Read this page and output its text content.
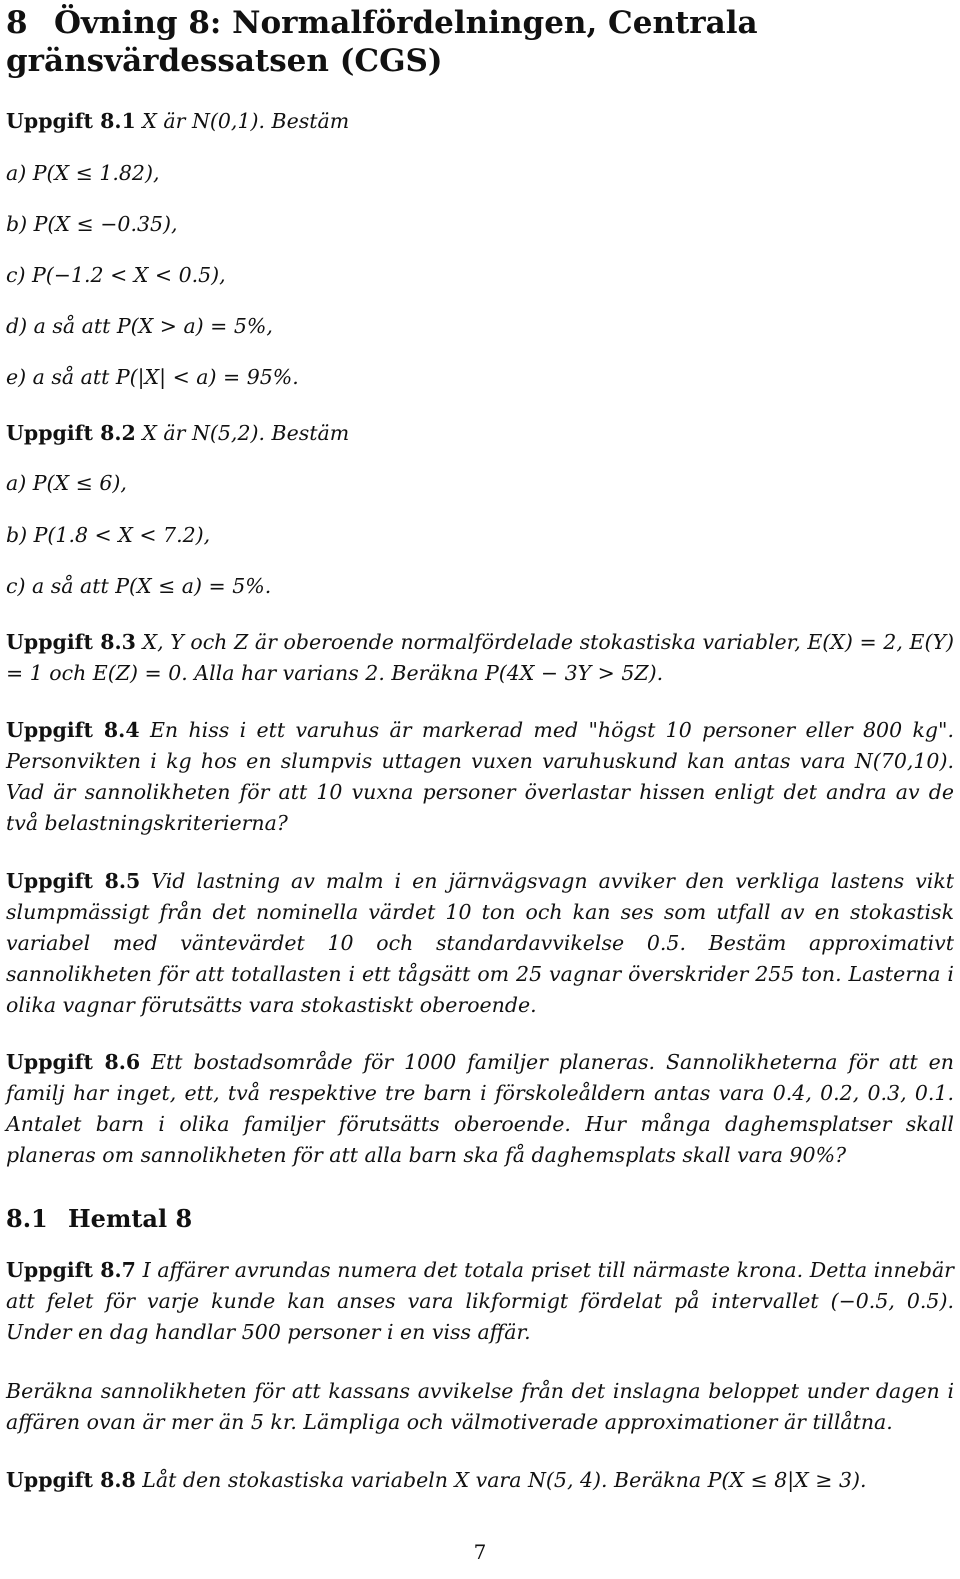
8 Övning 8: Normalfördelningen, Centrala gränsvärdessatsen (CGS)

Uppgift 8.1 X är N(0,1). Bestäm

a) P(X ≤ 1.82),

b) P(X ≤ −0.35),

c) P(−1.2 < X < 0.5),

d) a så att P(X > a) = 5%,

e) a så att P(|X| < a) = 95%.

Uppgift 8.2 X är N(5,2). Bestäm

a) P(X ≤ 6),

b) P(1.8 < X < 7.2),

c) a så att P(X ≤ a) = 5%.

Uppgift 8.3 X, Y och Z är oberoende normalfördelade stokastiska variabler, E(X) = 2, E(Y) = 1 och E(Z) = 0. Alla har varians 2. Beräkna P(4X − 3Y > 5Z).

Uppgift 8.4 En hiss i ett varuhus är markerad med "högst 10 personer eller 800 kg". Personvikten i kg hos en slumpvis uttagen vuxen varuhuskund kan antas vara N(70,10). Vad är sannolikheten för att 10 vuxna personer överlastar hissen enligt det andra av de två belastningskriterierna?

Uppgift 8.5 Vid lastning av malm i en järnvägsvagn avviker den verkliga lastens vikt slumpmässigt från det nominella värdet 10 ton och kan ses som utfall av en stokastisk variabel med väntevärdet 10 och standardavvikelse 0.5. Bestäm approximativt sannolikheten för att totallasten i ett tågsätt om 25 vagnar överskrider 255 ton. Lasterna i olika vagnar förutsätts vara stokastiskt oberoende.

Uppgift 8.6 Ett bostadsområde för 1000 familjer planeras. Sannolikheterna för att en familj har inget, ett, två respektive tre barn i förskoleåldern antas vara 0.4, 0.2, 0.3, 0.1. Antalet barn i olika familjer förutsätts oberoende. Hur många daghemsplatser skall planeras om sannolikheten för att alla barn ska få daghemsplats skall vara 90%?

8.1 Hemtal 8

Uppgift 8.7 I affärer avrundas numera det totala priset till närmaste krona. Detta innebär att felet för varje kunde kan anses vara likformigt fördelat på intervallet (−0.5, 0.5). Under en dag handlar 500 personer i en viss affär.

Beräkna sannolikheten för att kassans avvikelse från det inslagna beloppet under dagen i affären ovan är mer än 5 kr. Lämpliga och välmotiverade approximationer är tillåtna.

Uppgift 8.8 Låt den stokastiska variabeln X vara N(5, 4). Beräkna P(X ≤ 8|X ≥ 3).

7
